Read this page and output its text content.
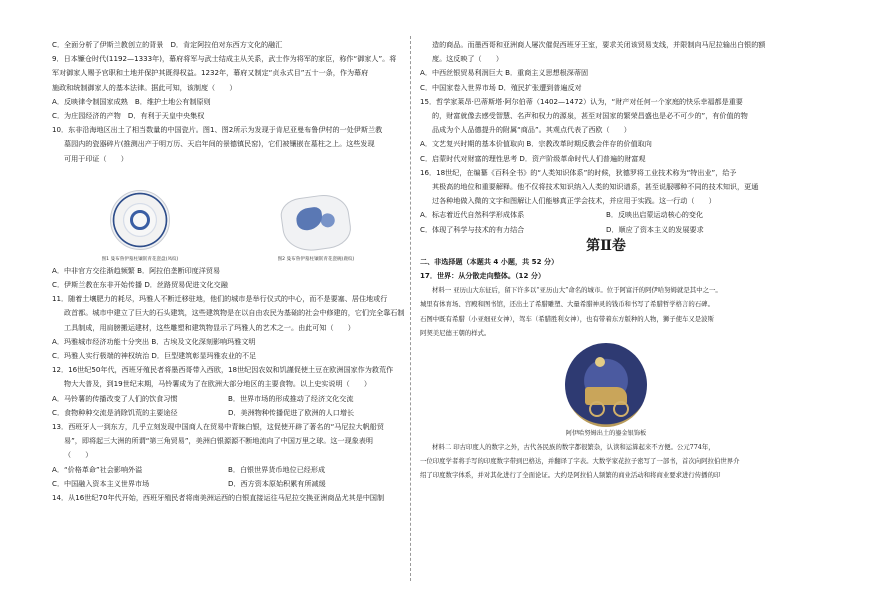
C．全面分析了伊斯兰教创立的背景　D．肯定阿拉伯对东西方文化的融汇
9．日本镰仓时代(1192—1333年)，幕府将军与武士结成主从关系，武士作为将军的家臣，称作“御家人”。将
军对御家人赐予官职和土地并保护其既得权益。1232年，幕府又制定“贞永式目”五十一条，作为幕府
施政和统制御家人的基本法律。据此可知，该制度（　　）
A．反映律令制国家成熟　B．维护土地公有制原则
C．为庄园经济的产物　D．有利于天皇中央集权
10．东非沿海地区出土了相当数量的中国瓷片。图1、图2所示为发现于肯尼亚曼布鲁伊村的一处伊斯兰教
墓园内的瓷器碎片(推测出产于明万历、天启年间的景德镇民窑)，它们被镶嵌在墓柱之上。这些发现
可用于印证（　　）
图1 曼布鲁伊墓柱镶嵌青花瓷盘(凤纹)	图2 曼布鲁伊墓柱镶嵌青花瓷碗(鹿纹)
A．中非官方交往渐趋频繁 B．阿拉伯垄断印度洋贸易
C．伊斯兰教在东非开始传播 D．丝路贸易促进文化交融
11．随着土壤肥力的耗尽，玛雅人不断迁移驻地，他们的城市是举行仪式的中心，而不是要塞、居住地或行
政首都。城市中建立了巨大的石头建筑，这些建筑物是在以自由农民为基础的社会中修建的，它们完全靠石制
工具制成，用肩膀搬运建材，这些雕塑和建筑物显示了玛雅人的艺术之一。由此可知（　　）
A．玛雅城市经济功能十分突出 B．古埃及文化深刻影响玛雅文明
C．玛雅人实行极端的神权统治 D．巨型建筑彰显玛雅农业的不足
12．16世纪50年代，西班牙殖民者将墨西哥带入西欧，18世纪因农奴和饥謹促使土豆在欧洲国家作为救荒作
物大大普及，到19世纪末期，马铃薯成为了在欧洲大部分地区的主要食物。以上史实说明（　　）
A．马铃薯的传播改变了人们的饮食习惯	B．世界市场的形成推动了经济文化交流
C．食物种种交流是消除饥荒的主要途径	D．美洲物种传播促进了欧洲的人口增长
13．西班牙人一到东方，几乎立刻发现中国商人在贸易中青睐白银，这促使开辟了著名的“马尼拉大帆船贸
易”，即将起三大洲的所谓“第三角贸易”，美洲白银源源不断地流向了中国万里之球。这一现象表明
（　　）
A．“价格革命”社会影响外溢	B．白银世界货币地位已经形成
C．中国融入资本主义世界市场	D．西方资本原始积累有所减缓
14．从16世纪70年代开始，西班牙殖民者将南美洲运西的白银直接运往马尼拉交换亚洲商品尤其是中国制
造的商品。而墨西哥和亚洲商人屡次催促西班牙王室，要求关闭该贸易支线，并限制向马尼拉输出白银的额
度。这反映了（　　）
A．中西丝银贸易利润巨大 B．重商主义思想根深蒂固
C．中国家卷入世界市场 D．殖民扩张遭到普遍反对
15．哲学家莱昂·巴蒂斯塔·阿尔伯蒂（1402—1472）认为，“财产对任何一个家庭的快乐幸福都是重要
的，财富就像去感受智慧、名声和权力的源泉，甚至对国家的繁荣昌盛也是必不可少的”，有价值的物
品成为个人品德提升的附属“商品”。其观点代表了西欧（　　）
A．文艺复兴时期的基本价值取向 B．宗教改革时期反教会伴存的价值取向
C．启蒙时代对财富的理性思考 D．资产阶级革命时代人们普遍的财富观
16．18世纪，在编纂《百科全书》的“人类知识体系”的时候，狄德罗将工业技术称为“特出业”，给予
其极高的地位和重要解释。他不仅将技术知识纳入人类的知识谱系，甚至说服哪种不同的技术知识，更通
过各种地做入微的文字和图解让人们能够真正学会技术，并应用于实践。这一行动（　　）
A．标志着近代自然科学形成体系	B．反映出启蒙运动核心的变化
C．体现了科学与技术的有力结合	D．顺应了资本主义的发展要求
第Ⅱ卷
二、非选择题（本题共 4 小题，共 52 分）
17．世界：从分散走向整体。（12 分）
材料一 亚历山大东征后，留下许多以“亚历山大”命名的城市。位于阿富汗的阿伊哈努姆就是其中之一。
城里有体育场、宫殿和图书馆，还出土了希腊雕塑、大量希腊神灵的钱币和书写了希腊哲学格言的石碑。
石图中既有希腊（小亚细亚女神），驾车（希腊胜利女神），也有带着东方版种的人物，狮子使车又是波斯
阿契美尼德王朝的样式。
阿伊哈努姆出土的鎏金银饰板
材料二 印古印度人的数字之外，古代各民族的数字都很繁杂，认读和运算起来不方便。公元774年，
一位印度学者将手写的印度数字带到巴格达，并翻译了字表。大数学家花拉子密写了一部书，首次向阿拉伯世界介
绍了印度数字体系，并对其化进行了全面论证。大约是阿拉伯人频繁的商业活动和将商业要求进行传播的印
